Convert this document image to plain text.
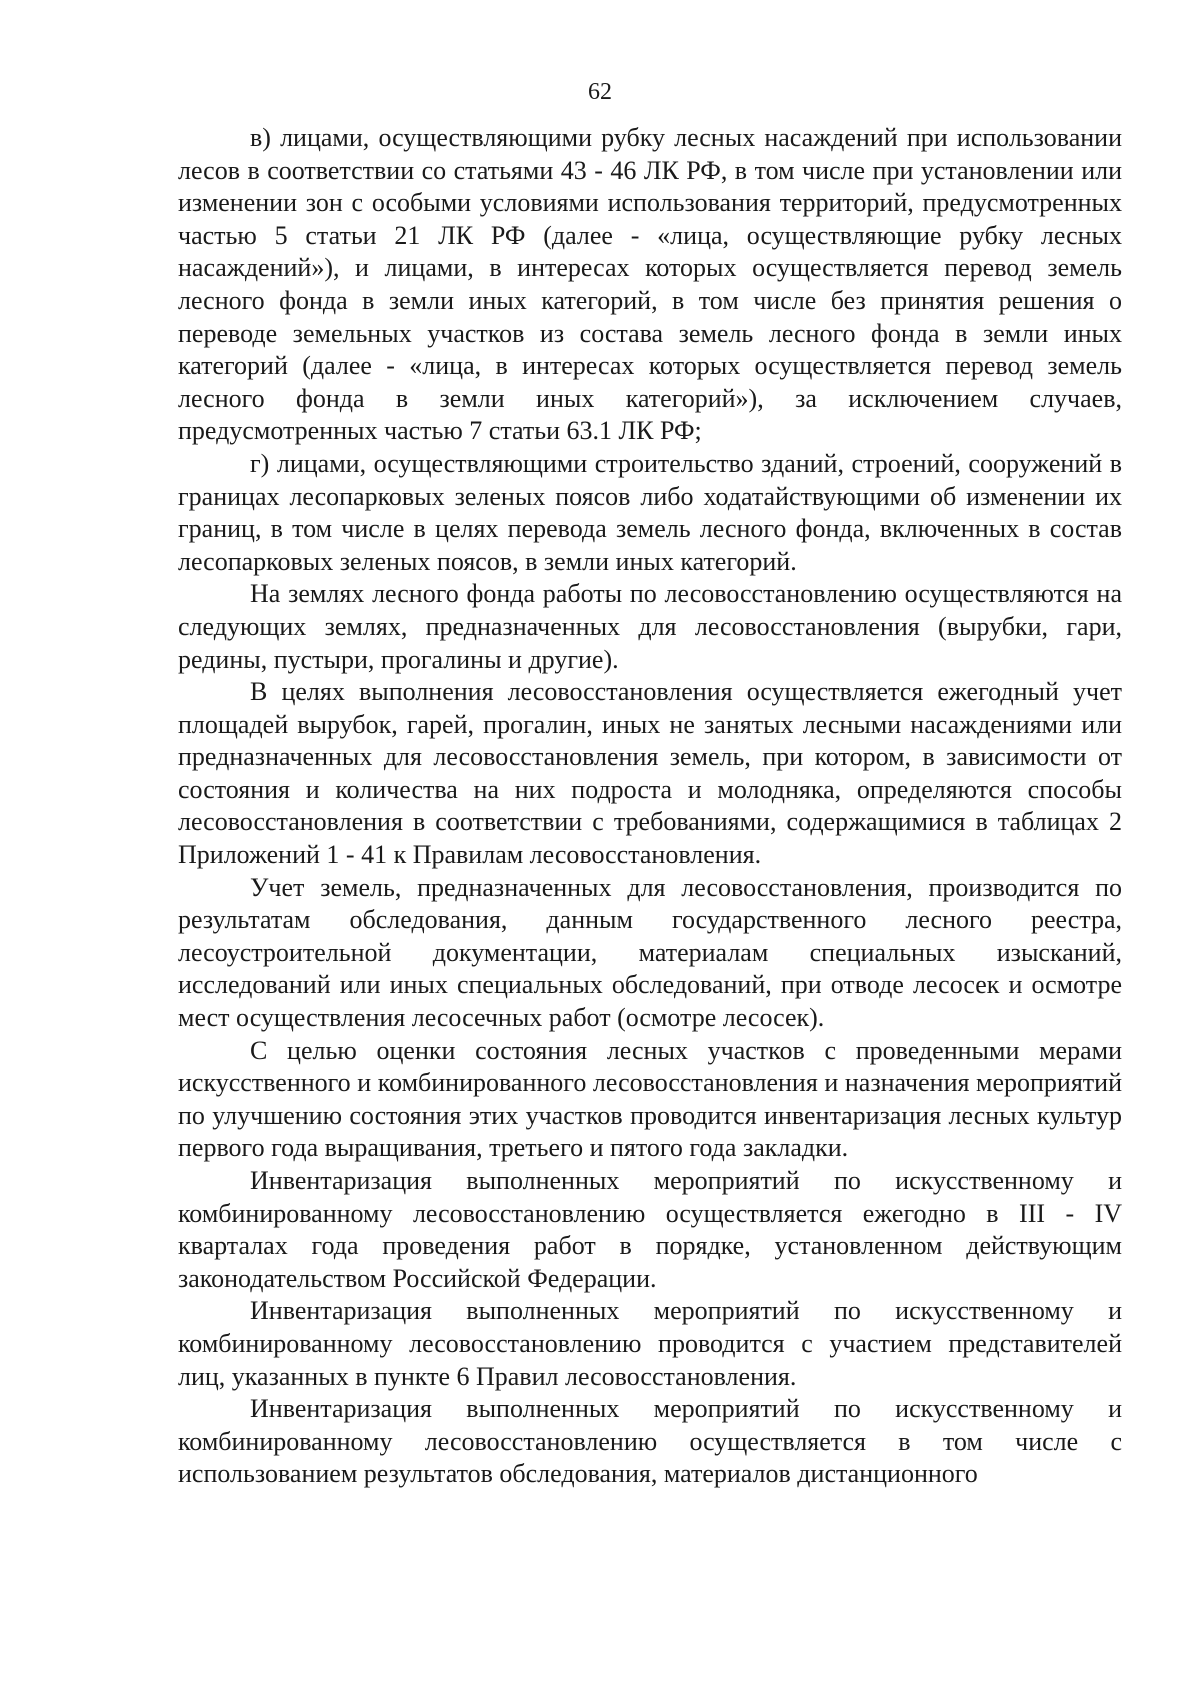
62

в) лицами, осуществляющими рубку лесных насаждений при использовании лесов в соответствии со статьями 43 - 46 ЛК РФ, в том числе при установлении или изменении зон с особыми условиями использования территорий, предусмотренных частью 5 статьи 21 ЛК РФ (далее - «лица, осуществляющие рубку лесных насаждений»), и лицами, в интересах которых осуществляется перевод земель лесного фонда в земли иных категорий, в том числе без принятия решения о переводе земельных участков из состава земель лесного фонда в земли иных категорий (далее - «лица, в интересах которых осуществляется перевод земель лесного фонда в земли иных категорий»), за исключением случаев, предусмотренных частью 7 статьи 63.1 ЛК РФ;

г) лицами, осуществляющими строительство зданий, строений, сооружений в границах лесопарковых зеленых поясов либо ходатайствующими об изменении их границ, в том числе в целях перевода земель лесного фонда, включенных в состав лесопарковых зеленых поясов, в земли иных категорий.

На землях лесного фонда работы по лесовосстановлению осуществляются на следующих землях, предназначенных для лесовосстановления (вырубки, гари, редины, пустыри, прогалины и другие).

В целях выполнения лесовосстановления осуществляется ежегодный учет площадей вырубок, гарей, прогалин, иных не занятых лесными насаждениями или предназначенных для лесовосстановления земель, при котором, в зависимости от состояния и количества на них подроста и молодняка, определяются способы лесовосстановления в соответствии с требованиями, содержащимися в таблицах 2 Приложений 1 - 41 к Правилам лесовосстановления.

Учет земель, предназначенных для лесовосстановления, производится по результатам обследования, данным государственного лесного реестра, лесоустроительной документации, материалам специальных изысканий, исследований или иных специальных обследований, при отводе лесосек и осмотре мест осуществления лесосечных работ (осмотре лесосек).

С целью оценки состояния лесных участков с проведенными мерами искусственного и комбинированного лесовосстановления и назначения мероприятий по улучшению состояния этих участков проводится инвентаризация лесных культур первого года выращивания, третьего и пятого года закладки.

Инвентаризация выполненных мероприятий по искусственному и комбинированному лесовосстановлению осуществляется ежегодно в III - IV кварталах года проведения работ в порядке, установленном действующим законодательством Российской Федерации.

Инвентаризация выполненных мероприятий по искусственному и комбинированному лесовосстановлению проводится с участием представителей лиц, указанных в пункте 6 Правил лесовосстановления.

Инвентаризация выполненных мероприятий по искусственному и комбинированному лесовосстановлению осуществляется в том числе с использованием результатов обследования, материалов дистанционного
